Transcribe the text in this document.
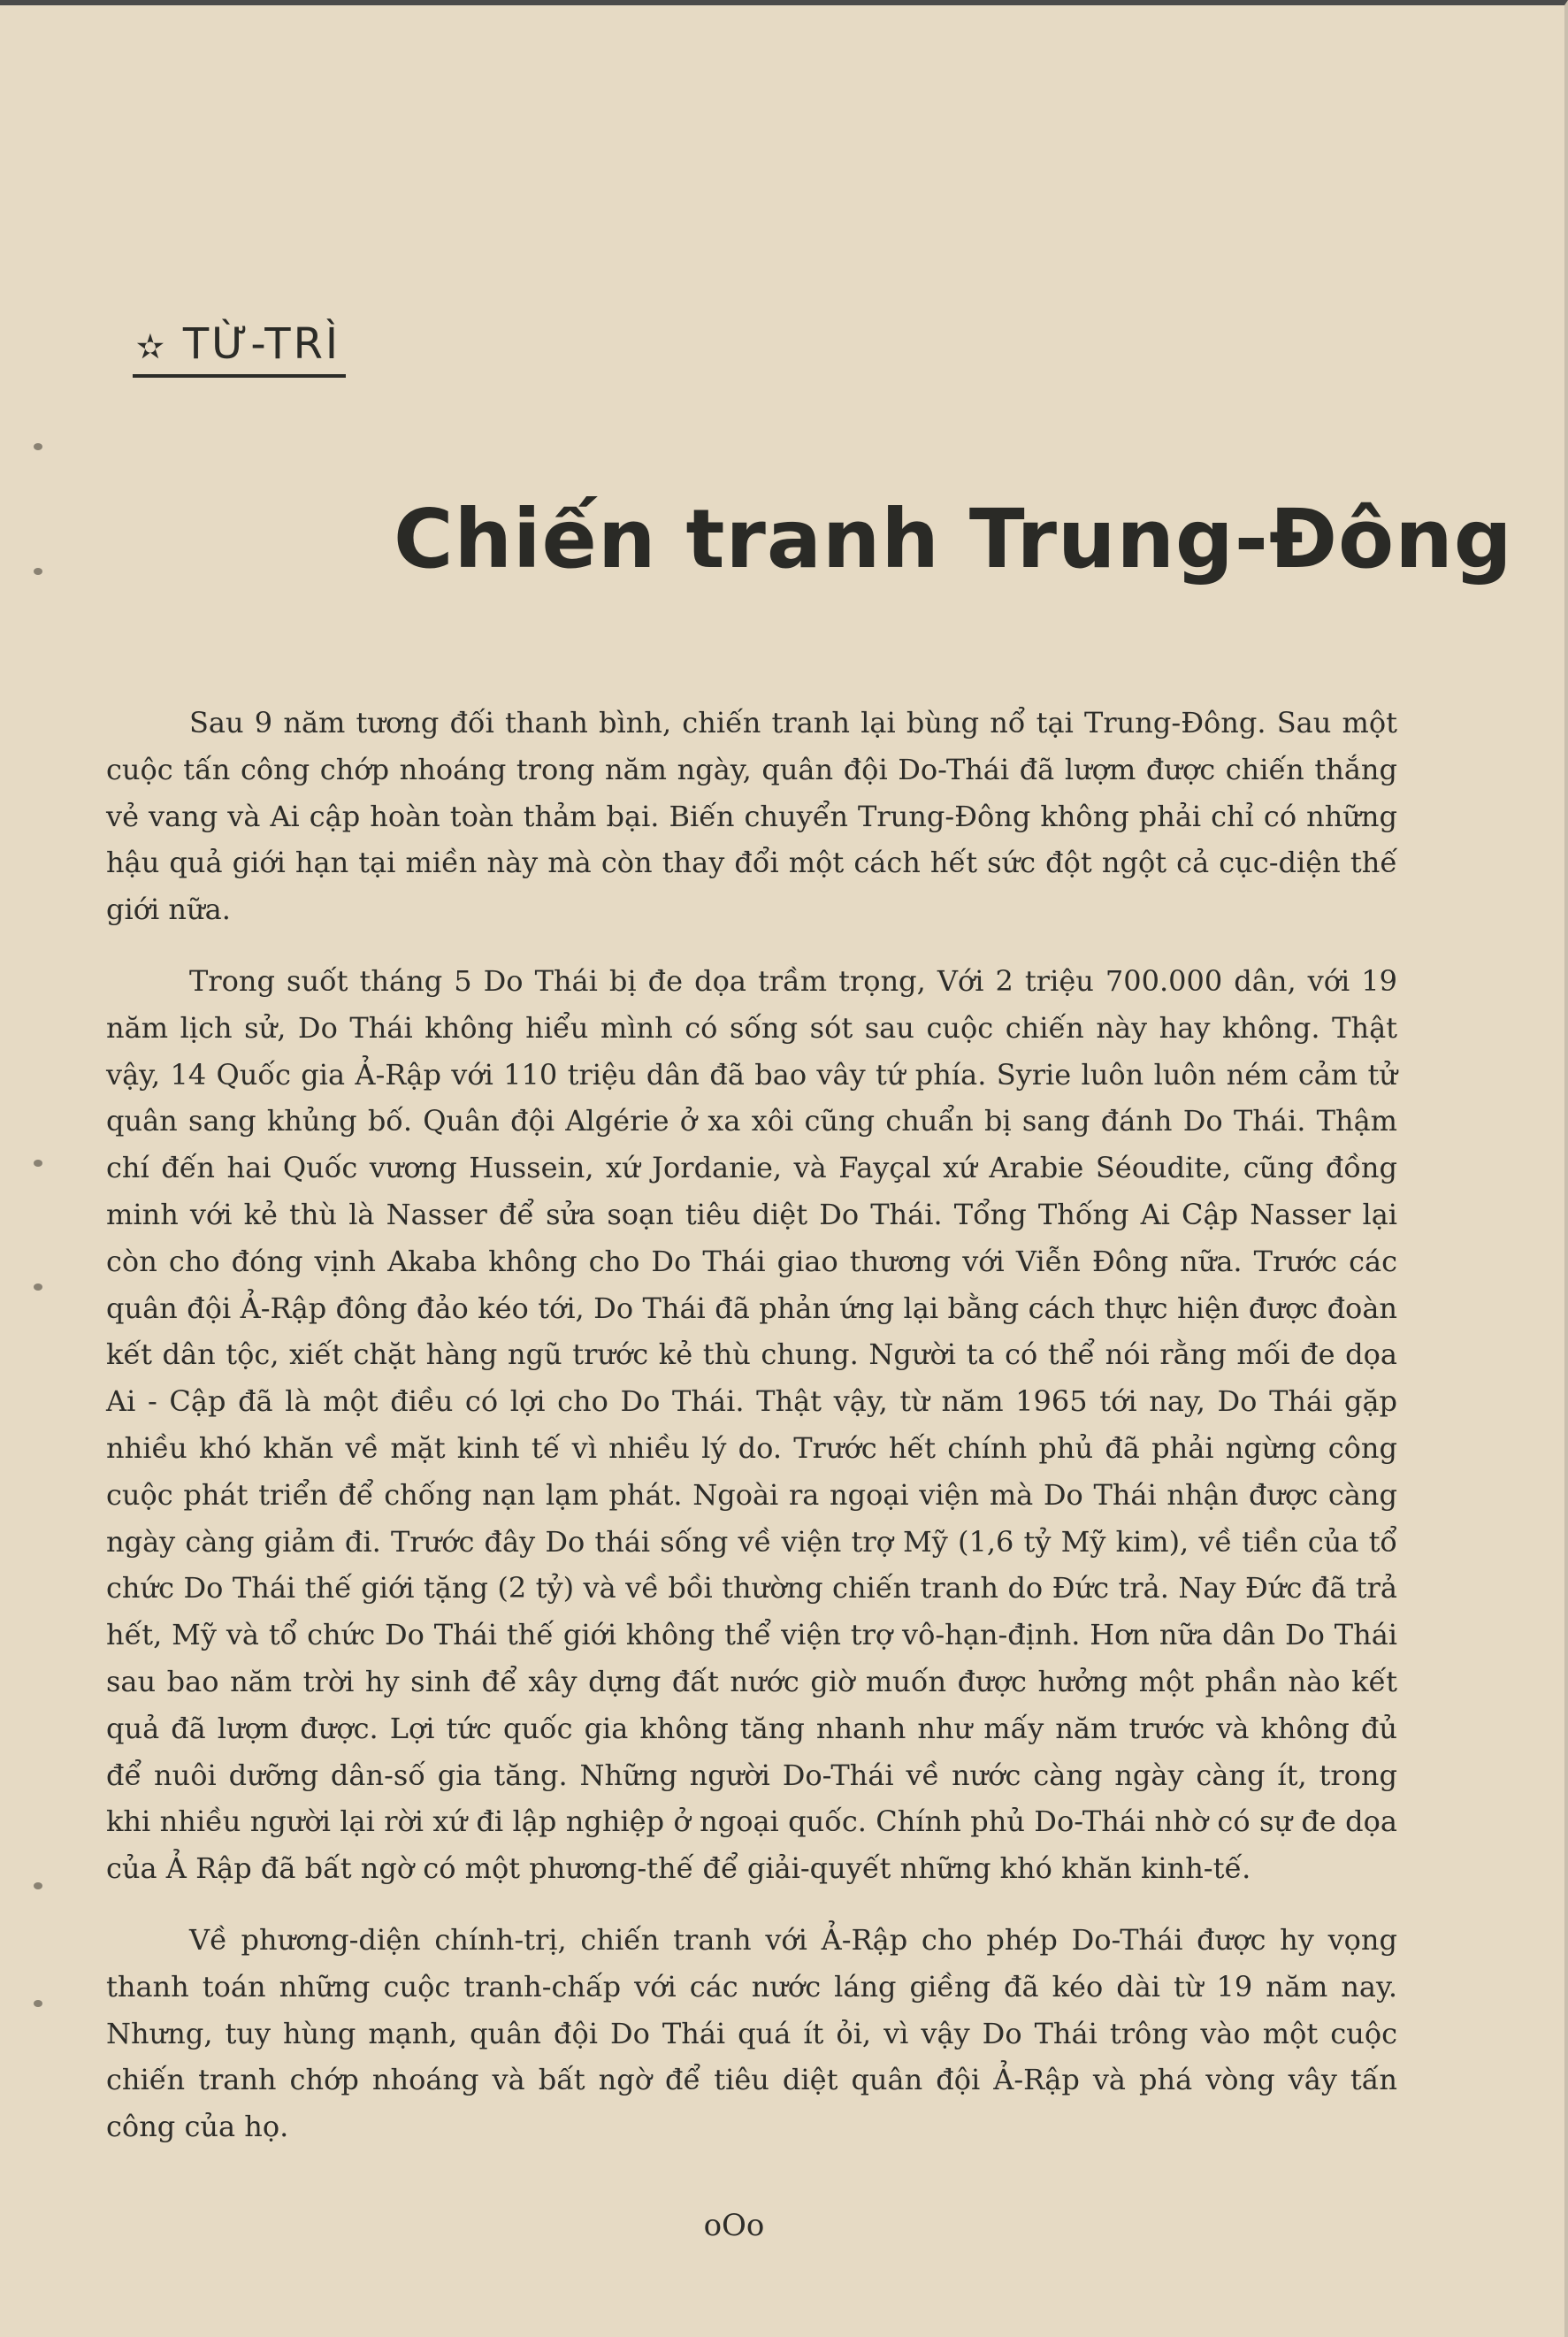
✫ TỪ-TRÌ
Chiến tranh Trung-Đông

Sau 9 năm tương đối thanh bình, chiến tranh lại bùng nổ tại Trung-Đông. Sau một cuộc tấn công chớp nhoáng trong năm ngày, quân đội Do-Thái đã lượm được chiến thắng vẻ vang và Ai cập hoàn toàn thảm bại. Biến chuyển Trung-Đông không phải chỉ có những hậu quả giới hạn tại miền này mà còn thay đổi một cách hết sức đột ngột cả cục-diện thế giới nữa.

Trong suốt tháng 5 Do Thái bị đe dọa trầm trọng, Với 2 triệu 700.000 dân, với 19 năm lịch sử, Do Thái không hiểu mình có sống sót sau cuộc chiến này hay không. Thật vậy, 14 Quốc gia Ả-Rập với 110 triệu dân đã bao vây tứ phía. Syrie luôn luôn ném cảm tử quân sang khủng bố. Quân đội Algérie ở xa xôi cũng chuẩn bị sang đánh Do Thái. Thậm chí đến hai Quốc vương Hussein, xứ Jordanie, và Fayçal xứ Arabie Séoudite, cũng đồng minh với kẻ thù là Nasser để sửa soạn tiêu diệt Do Thái. Tổng Thống Ai Cập Nasser lại còn cho đóng vịnh Akaba không cho Do Thái giao thương với Viễn Đông nữa. Trước các quân đội Ả-Rập đông đảo kéo tới, Do Thái đã phản ứng lại bằng cách thực hiện được đoàn kết dân tộc, xiết chặt hàng ngũ trước kẻ thù chung. Người ta có thể nói rằng mối đe dọa Ai - Cập đã là một điều có lợi cho Do Thái. Thật vậy, từ năm 1965 tới nay, Do Thái gặp nhiều khó khăn về mặt kinh tế vì nhiều lý do. Trước hết chính phủ đã phải ngừng công cuộc phát triển để chống nạn lạm phát. Ngoài ra ngoại viện mà Do Thái nhận được càng ngày càng giảm đi. Trước đây Do thái sống về viện trợ Mỹ (1,6 tỷ Mỹ kim), về tiền của tổ chức Do Thái thế giới tặng (2 tỷ) và về bồi thường chiến tranh do Đức trả. Nay Đức đã trả hết, Mỹ và tổ chức Do Thái thế giới không thể viện trợ vô-hạn-định. Hơn nữa dân Do Thái sau bao năm trời hy sinh để xây dựng đất nước giờ muốn được hưởng một phần nào kết quả đã lượm được. Lợi tức quốc gia không tăng nhanh như mấy năm trước và không đủ để nuôi dưỡng dân-số gia tăng. Những người Do-Thái về nước càng ngày càng ít, trong khi nhiều người lại rời xứ đi lập nghiệp ở ngoại quốc. Chính phủ Do-Thái nhờ có sự đe dọa của Ả Rập đã bất ngờ có một phương-thế để giải-quyết những khó khăn kinh-tế.

Về phương-diện chính-trị, chiến tranh với Ả-Rập cho phép Do-Thái được hy vọng thanh toán những cuộc tranh-chấp với các nước láng giềng đã kéo dài từ 19 năm nay. Nhưng, tuy hùng mạnh, quân đội Do Thái quá ít ỏi, vì vậy Do Thái trông vào một cuộc chiến tranh chớp nhoáng và bất ngờ để tiêu diệt quân đội Ả-Rập và phá vòng vây tấn công của họ.

oOo
